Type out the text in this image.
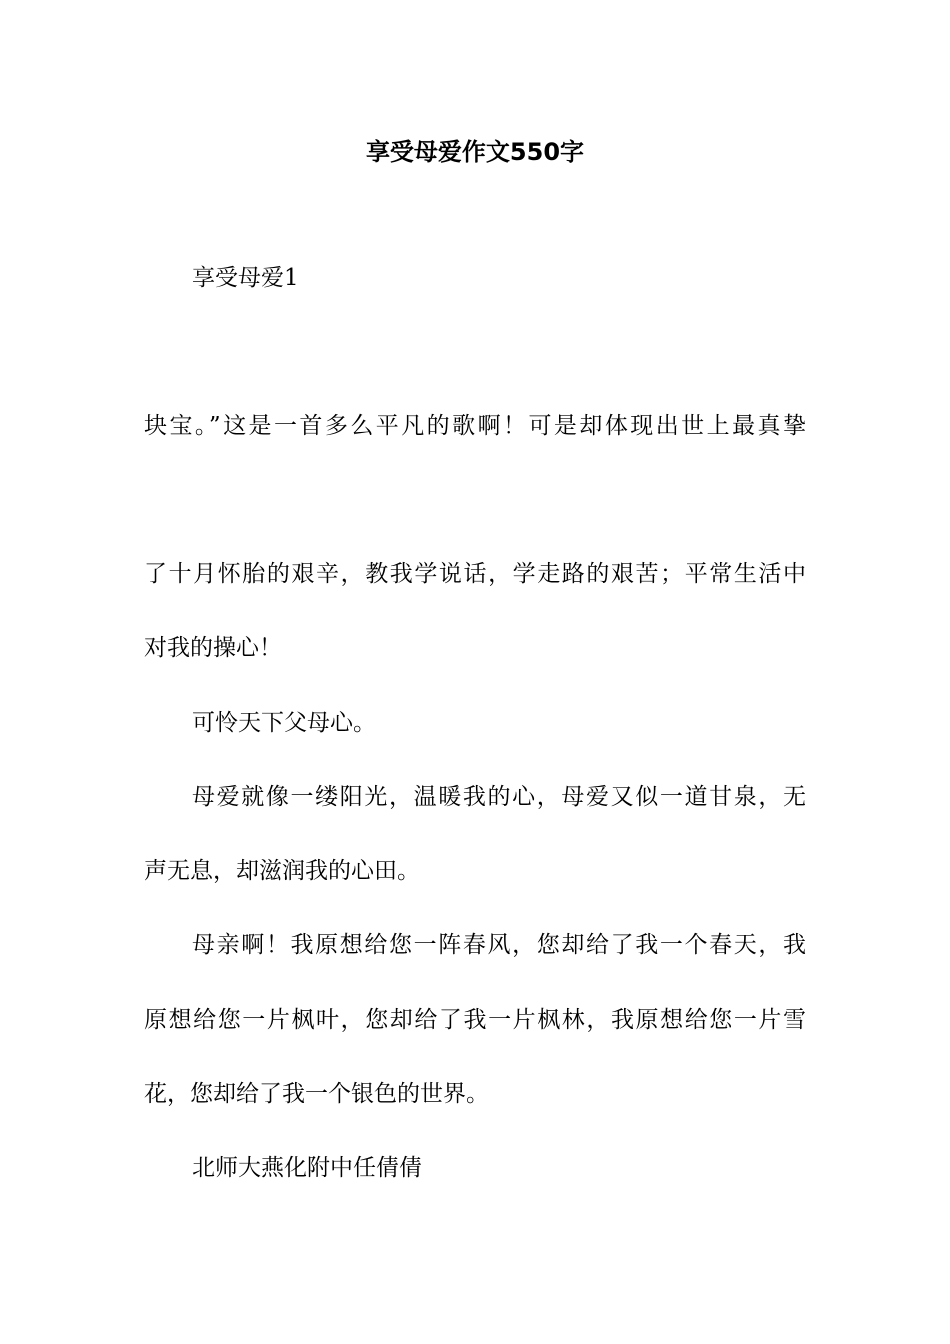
享受母爱作文550字
享受母爱1
块宝。”这是一首多么平凡的歌啊！可是却体现出世上最真挚
了十月怀胎的艰辛，教我学说话，学走路的艰苦；平常生活中
对我的操心！
可怜天下父母心。
母爱就像一缕阳光，温暖我的心，母爱又似一道甘泉，无
声无息，却滋润我的心田。
母亲啊！我原想给您一阵春风，您却给了我一个春天，我
原想给您一片枫叶，您却给了我一片枫林，我原想给您一片雪
花，您却给了我一个银色的世界。
北师大燕化附中任倩倩
